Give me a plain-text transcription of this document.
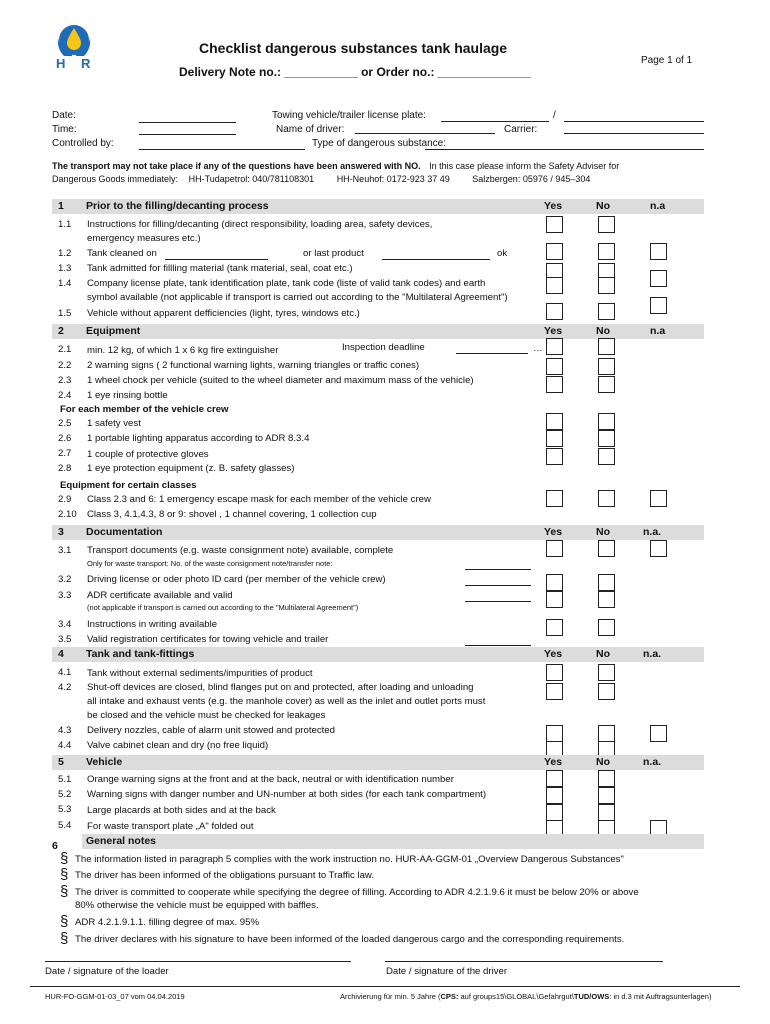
H R
Checklist dangerous substances tank haulage
Delivery Note no.: ___________ or Order no.: ______________
Page 1 of 1
Date:
Time:
Controlled by:
Towing vehicle/trailer license plate:	/
Name of driver:	Carrier:
Type of dangerous substance:
The transport may not take place if any of the questions have been answered with NO. In this case please inform the Safety Adviser for
Dangerous Goods immediately: HH-Tudapetrol: 040/781108301	HH-Neuhof: 0172-923 37 49	Salzbergen: 05976 / 945–304
1 Prior to the filling/decanting process	Yes	No	n.a
1.1 Instructions for filling/decanting (direct responsibility, loading area, safety devices,
emergency measures etc.)
1.2 Tank cleaned on	or last product	ok
1.3 Tank admitted for fillling material (tank material, seal, coat etc.)
1.4 Company license plate, tank identification plate, tank code (liste of valid tank codes) and earth
symbol available (not applicable if transport is carried out according to the "Multilateral Agreement")
1.5 Vehicle without apparent defficiencies (light, tyres, windows etc.)
2 Equipment	Yes	No	n.a
2.1 min. 12 kg, of which 1 x 6 kg fire extinguisher	Inspection deadline	…
2.2 2 warning signs ( 2 functional warning lights, warning triangles or traffic cones)
2.3 1 wheel chock per vehicle (suited to the wheel diameter and maximum mass of the vehicle)
2.4 1 eye rinsing bottle
For each member of the vehicle crew
2.5 1 safety vest
2.6 1 portable lighting apparatus according to ADR 8.3.4
2.7 1 couple of protective gloves
2.8 1 eye protection equipment (z. B. safety glasses)
Equipment for certain classes
2.9 Class 2.3 and 6: 1 emergency escape mask for each member of the vehicle crew
2.10 Class 3, 4.1,4.3, 8 or 9: shovel , 1 channel covering, 1 collection cup
3 Documentation	Yes	No	n.a.
3.1 Transport documents (e.g. waste consignment note) available, complete
Only for waste transport: No. of the waste consignment note/transfer note:
3.2 Driving license or oder photo ID card (per member of the vehicle crew)
3.3 ADR certificate available and valid
(not applicable if transport is carried out according to the "Multilateral Agreement")
3.4 Instructions in writing available
3.5 Valid registration certificates for towing vehicle and trailer
4 Tank and tank-fittings	Yes	No	n.a.
4.1 Tank without external sediments/impurities of product
4.2 Shut-off devices are closed, blind flanges put on and protected, after loading and unloading
all intake and exhaust vents (e.g. the manhole cover) as well as the inlet and outlet ports must
be closed and the vehicle must be checked for leakages
4.3 Delivery nozzles, cable of alarm unit stowed and protected
4.4 Valve cabinet clean and dry (no free liquid)
5 Vehicle	Yes	No	n.a.
5.1 Orange warning signs at the front and at the back, neutral or with identification number
5.2 Warning signs with danger number and UN-number at both sides (for each tank compartment)
5.3 Large placards at both sides and at the back
5.4 For waste transport plate „A" folded out
General notes
6
§ The information listed in paragraph 5 complies with the work instruction no. HUR-AA-GGM-01 „Overview Dangerous Substances"
§ The driver has been informed of the obligations pursuant to Traffic law.
§ The driver is committed to cooperate while specifying the degree of filling. According to ADR 4.2.1.9.6 it must be below 20% or above
80% otherwise the vehicle must be equipped with baffles.
§ ADR 4.2.1.9.1.1. filling degree of max. 95%
§ The driver declares with his signature to have been informed of the loaded dangerous cargo and the corresponding requirements.
Date / signature of the loader	Date / signature of the driver
HUR-FO-GGM-01-03_07 vom 04.04.2019	Archivierung für min. 5 Jahre (CPS: auf groups15\GLOBAL\Gefahrgut\TUD/OWS: in d.3 mit Auftragsunterlagen)
